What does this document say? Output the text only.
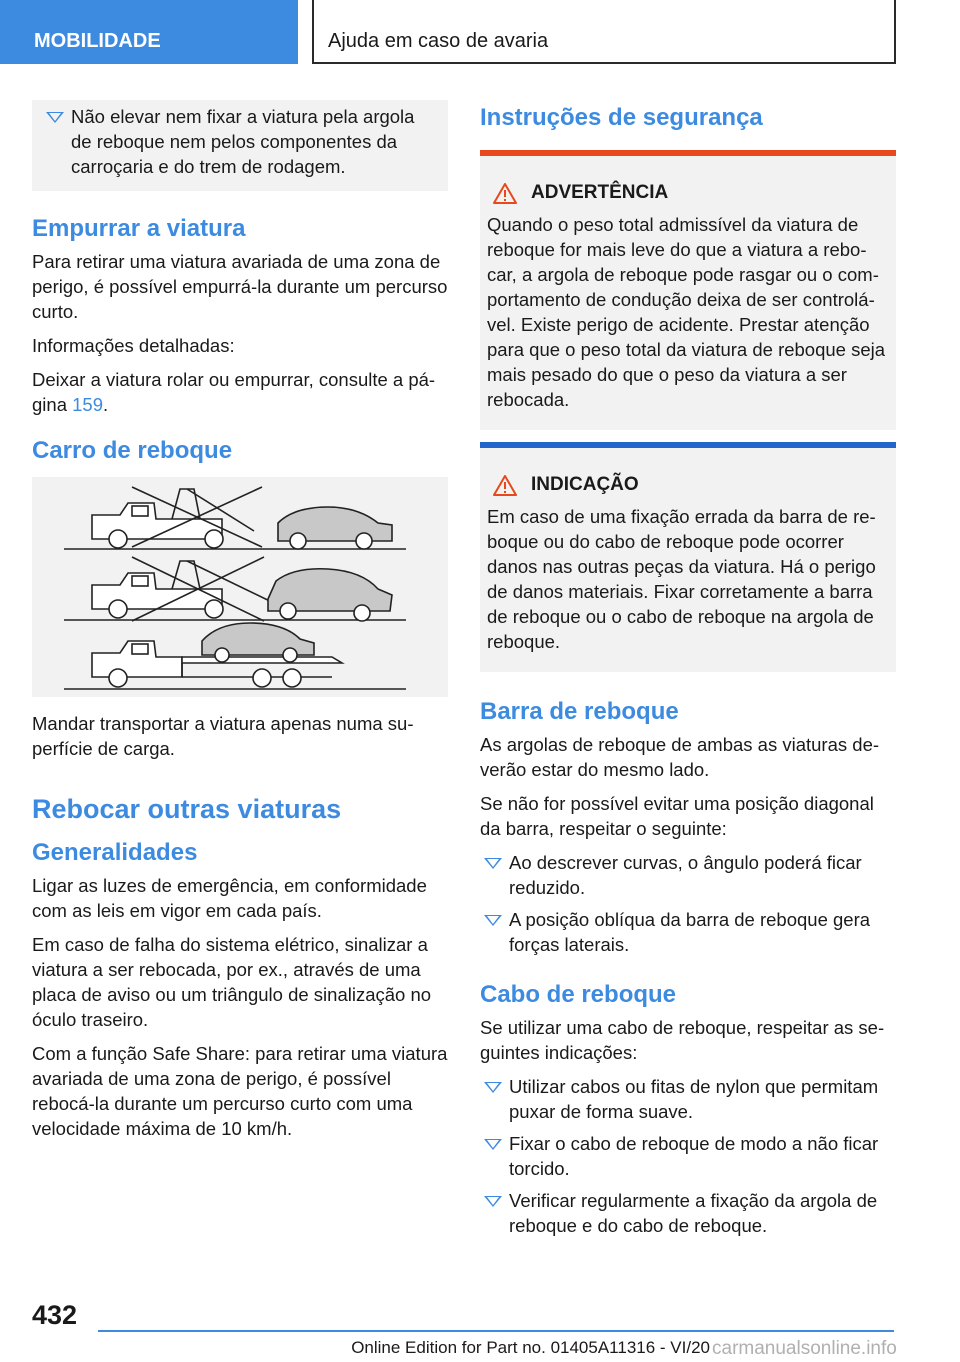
MOBILIDADE	Ajuda em caso de avaria
Não elevar nem fixar a viatura pela argola de reboque nem pelos componentes da carroçaria e do trem de rodagem.
Empurrar a viatura

Para retirar uma viatura avariada de uma zona de perigo, é possível empurrá-la durante um percurso curto.

Informações detalhadas:

Deixar a viatura rolar ou empurrar, consulte a página 159.

Carro de reboque

Mandar transportar a viatura apenas numa superfície de carga.

Rebocar outras viaturas
Generalidades

Ligar as luzes de emergência, em conformidade com as leis em vigor em cada país.

Em caso de falha do sistema elétrico, sinalizar a viatura a ser rebocada, por ex., através de uma placa de aviso ou um triângulo de sinalização no óculo traseiro.

Com a função Safe Share: para retirar uma viatura avariada de uma zona de perigo, é possível rebocá-la durante um percurso curto com uma velocidade máxima de 10 km/h.

Instruções de segurança
ADVERTÊNCIA

Quando o peso total admissível da viatura de reboque for mais leve do que a viatura a rebocar, a argola de reboque pode rasgar ou o comportamento de condução deixa de ser controlável. Existe perigo de acidente. Prestar atenção para que o peso total da viatura de reboque seja mais pesado do que o peso da viatura a ser rebocada.

INDICAÇÃO

Em caso de uma fixação errada da barra de reboque ou do cabo de reboque pode ocorrer danos nas outras peças da viatura. Há o perigo de danos materiais. Fixar corretamente a barra de reboque ou o cabo de reboque na argola de reboque.

Barra de reboque

As argolas de reboque de ambas as viaturas deverão estar do mesmo lado.

Se não for possível evitar uma posição diagonal da barra, respeitar o seguinte:

Ao descrever curvas, o ângulo poderá ficar reduzido.
A posição oblíqua da barra de reboque gera forças laterais.
Cabo de reboque

Se utilizar uma cabo de reboque, respeitar as seguintes indicações:

Utilizar cabos ou fitas de nylon que permitam puxar de forma suave.
Fixar o cabo de reboque de modo a não ficar torcido.
Verificar regularmente a fixação da argola de reboque e do cabo de reboque.
432
Online Edition for Part no. 01405A11316 - VI/20 carmanualsonline.info
